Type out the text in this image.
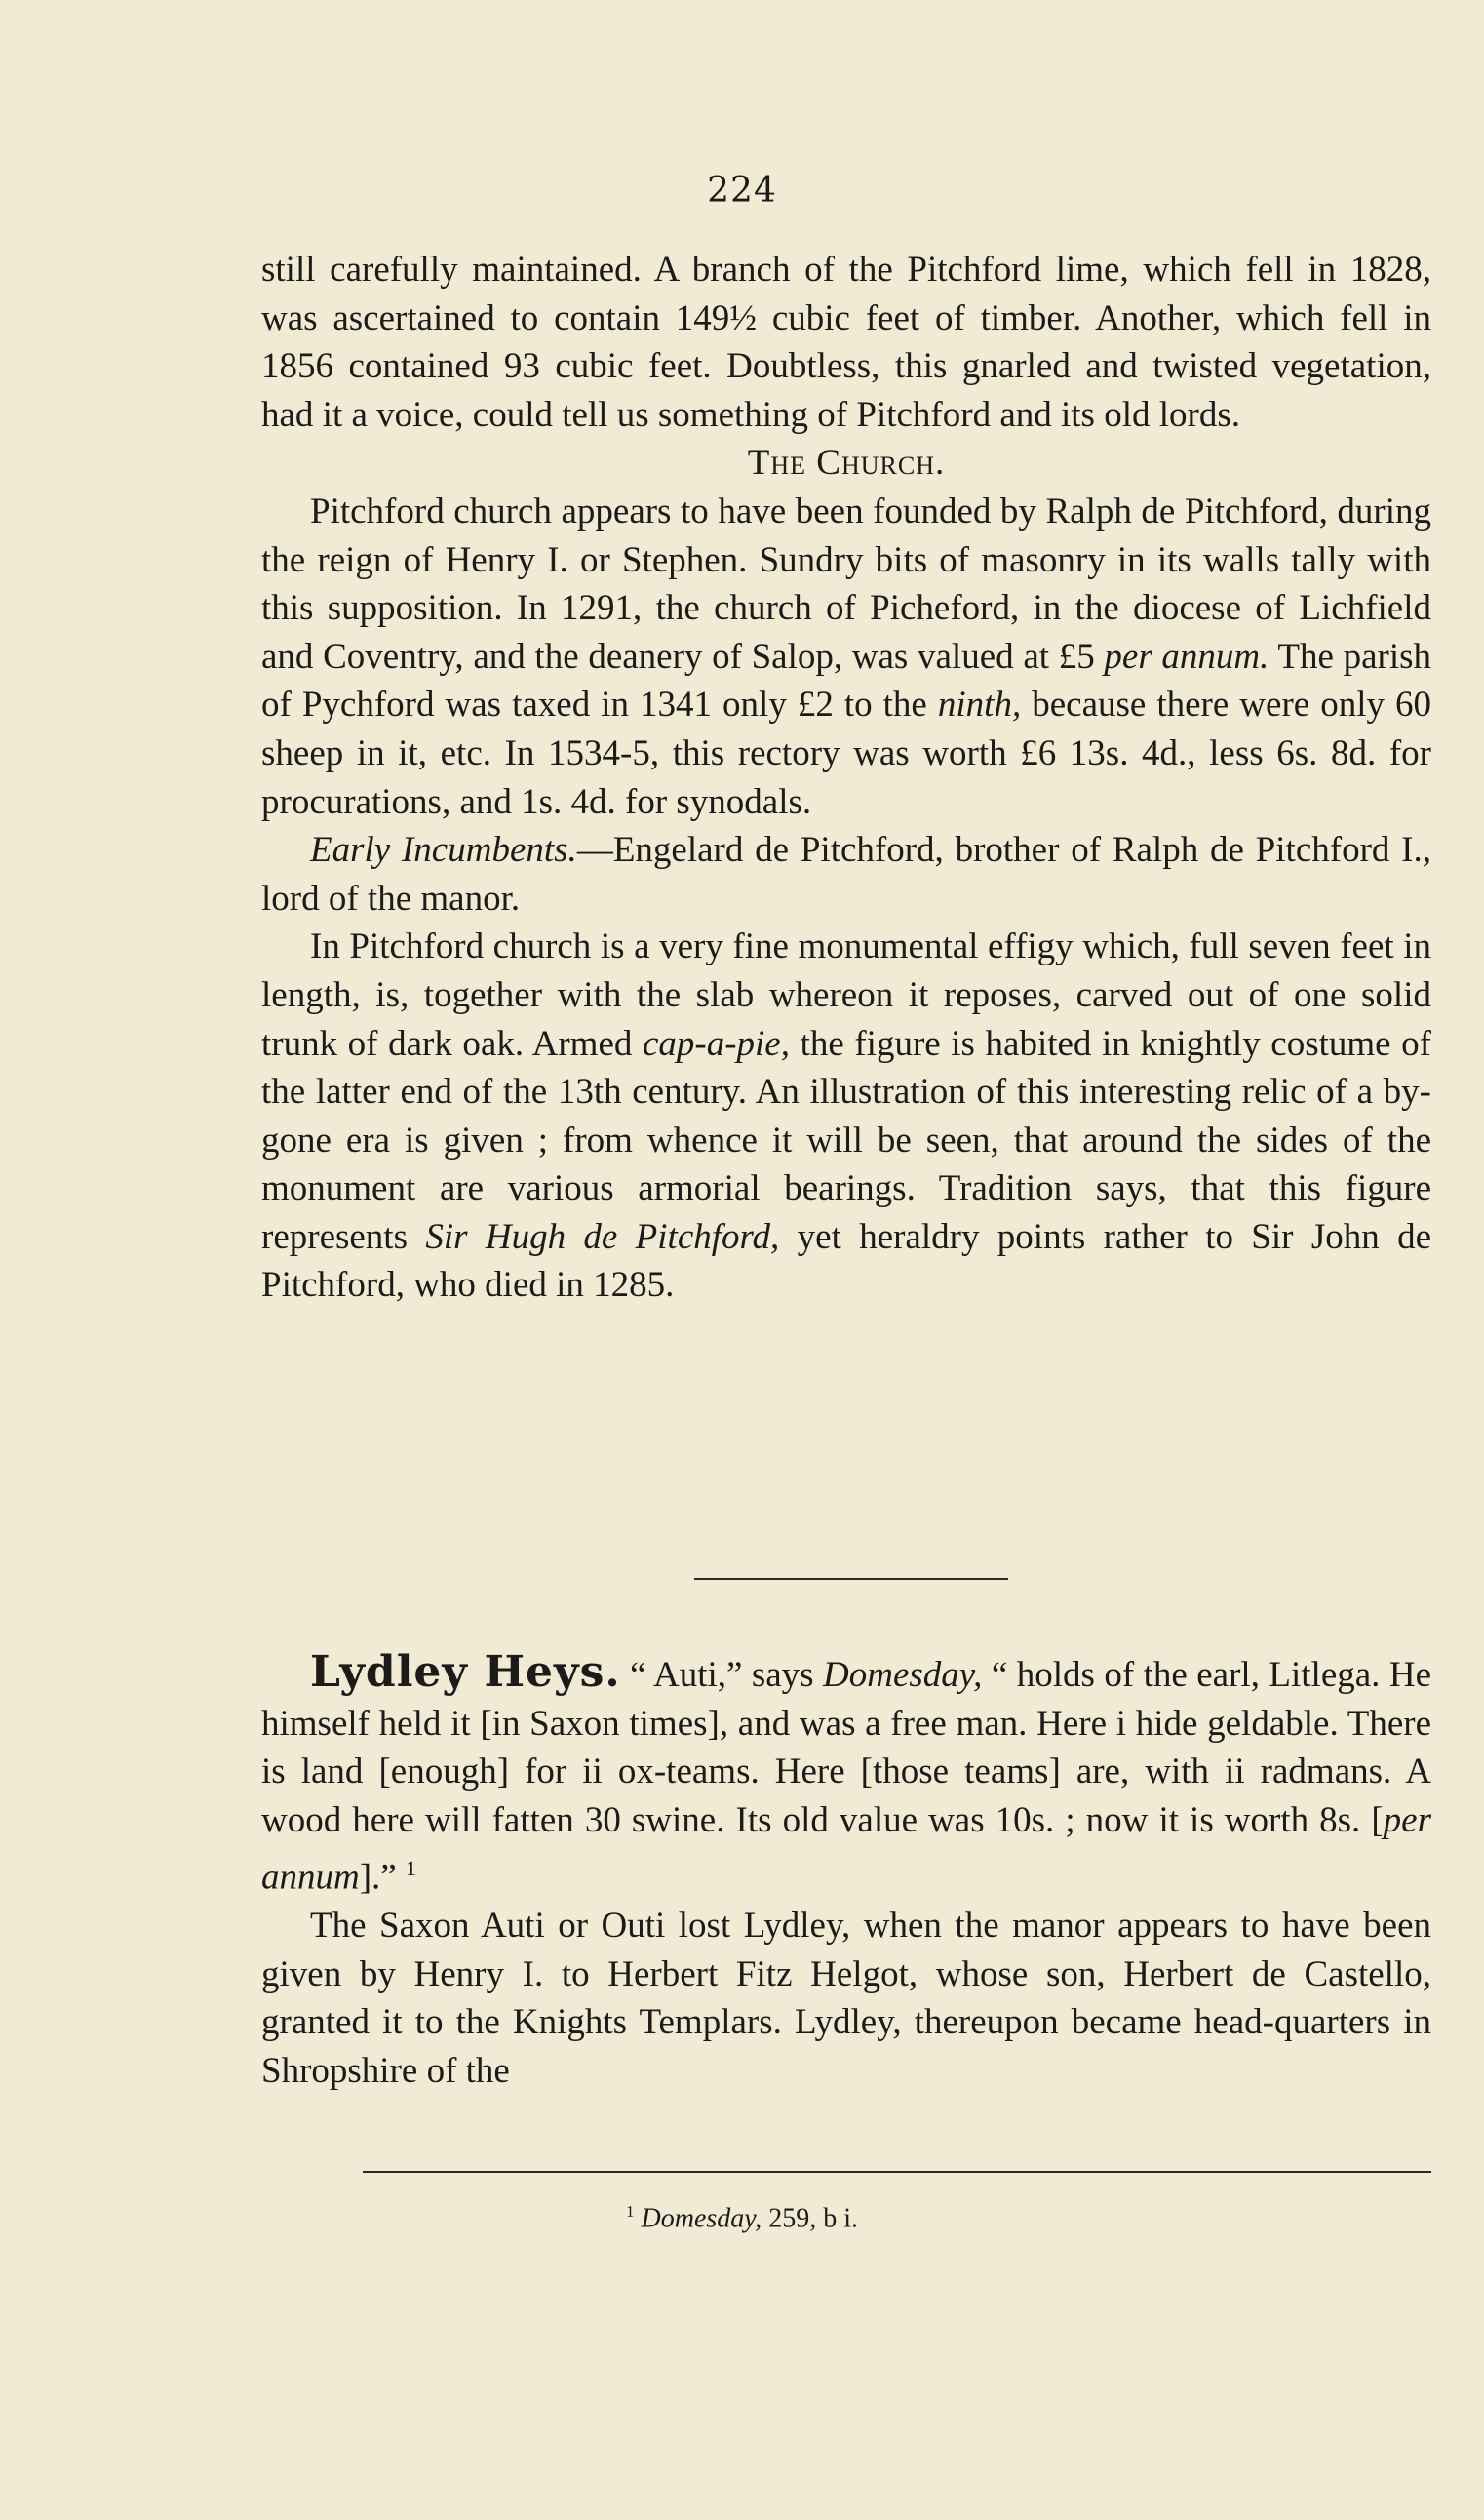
224

still carefully maintained. A branch of the Pitchford lime, which fell in 1828, was ascertained to contain 149½ cubic feet of timber. Another, which fell in 1856 contained 93 cubic feet. Doubtless, this gnarled and twisted vegetation, had it a voice, could tell us something of Pitchford and its old lords.

The Church.

Pitchford church appears to have been founded by Ralph de Pitchford, during the reign of Henry I. or Stephen. Sundry bits of masonry in its walls tally with this supposition. In 1291, the church of Picheford, in the diocese of Lichfield and Coventry, and the deanery of Salop, was valued at £5 per annum. The parish of Pychford was taxed in 1341 only £2 to the ninth, because there were only 60 sheep in it, etc. In 1534-5, this rectory was worth £6 13s. 4d., less 6s. 8d. for procurations, and 1s. 4d. for synodals.

Early Incumbents.—Engelard de Pitchford, brother of Ralph de Pitchford I., lord of the manor.

In Pitchford church is a very fine monumental effigy which, full seven feet in length, is, together with the slab whereon it reposes, carved out of one solid trunk of dark oak. Armed cap-a-pie, the figure is habited in knightly costume of the latter end of the 13th century. An illustration of this interesting relic of a by-gone era is given ; from whence it will be seen, that around the sides of the monument are various armorial bearings. Tradition says, that this figure represents Sir Hugh de Pitchford, yet heraldry points rather to Sir John de Pitchford, who died in 1285.

Lydley Heys. “ Auti,” says Domesday, “ holds of the earl, Litlega. He himself held it [in Saxon times], and was a free man. Here i hide geldable. There is land [enough] for ii ox-teams. Here [those teams] are, with ii radmans. A wood here will fatten 30 swine. Its old value was 10s. ; now it is worth 8s. [per annum].” $^1$

The Saxon Auti or Outi lost Lydley, when the manor appears to have been given by Henry I. to Herbert Fitz Helgot, whose son, Herbert de Castello, granted it to the Knights Templars. Lydley, thereupon became head-quarters in Shropshire of the

$^1$ Domesday, 259, b i.
